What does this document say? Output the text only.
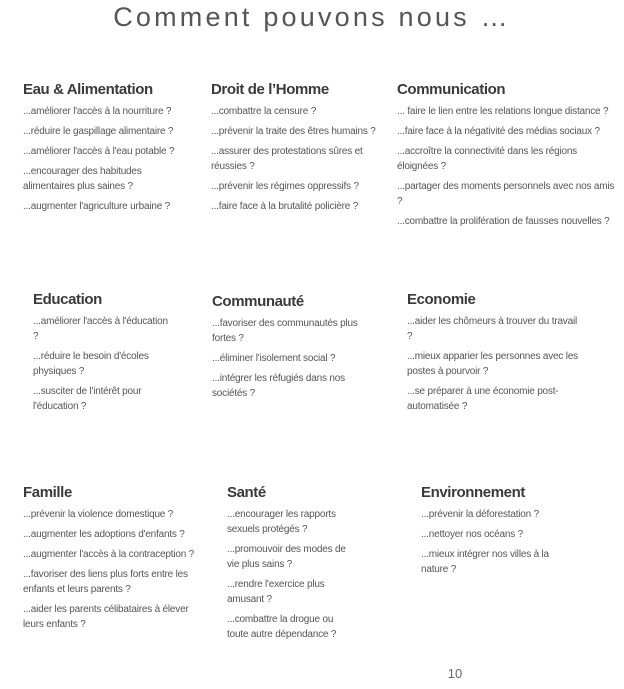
Comment pouvons nous …
Eau & Alimentation
...améliorer l'accès à la nourriture ?
...réduire le gaspillage alimentaire ?
...améliorer l'accès à l'eau potable ?
...encourager des habitudes alimentaires plus saines ?
...augmenter l'agriculture urbaine ?
Droit de l’Homme
...combattre la censure ?
...prévenir la traite des êtres humains ?
...assurer des protestations sûres et réussies ?
...prévenir les régimes oppressifs ?
...faire face à la brutalité policière ?
Communication
... faire le lien entre les relations longue distance ?
...faire face à la négativité des médias sociaux ?
...accroître la connectivité dans les régions éloignées ?
...partager des moments personnels avec nos amis ?
...combattre la prolifération de fausses nouvelles ?
Education
...améliorer l'accès à l'éducation ?
...réduire le besoin d'écoles physiques ?
...susciter de l'intérêt pour l'éducation ?
Communauté
...favoriser des communautés plus fortes ?
...éliminer l'isolement social ?
...intégrer les réfugiés dans nos sociétés ?
Economie
...aider les chômeurs à trouver du travail ?
...mieux apparier les personnes avec les postes à pourvoir ?
...se préparer à une économie post-automatisée ?
Famille
...prévenir la violence domestique ?
...augmenter les adoptions d'enfants ?
...augmenter l'accès à la contraception ?
...favoriser des liens plus forts entre les enfants et leurs parents ?
...aider les parents célibataires à élever leurs enfants ?
Santé
...encourager les rapports sexuels protégés ?
...promouvoir des modes de vie plus sains ?
...rendre l'exercice plus amusant ?
...combattre la drogue ou toute autre dépendance ?
Environnement
...prévenir la déforestation ?
...nettoyer nos océans ?
...mieux intégrer nos villes à la nature ?
10
